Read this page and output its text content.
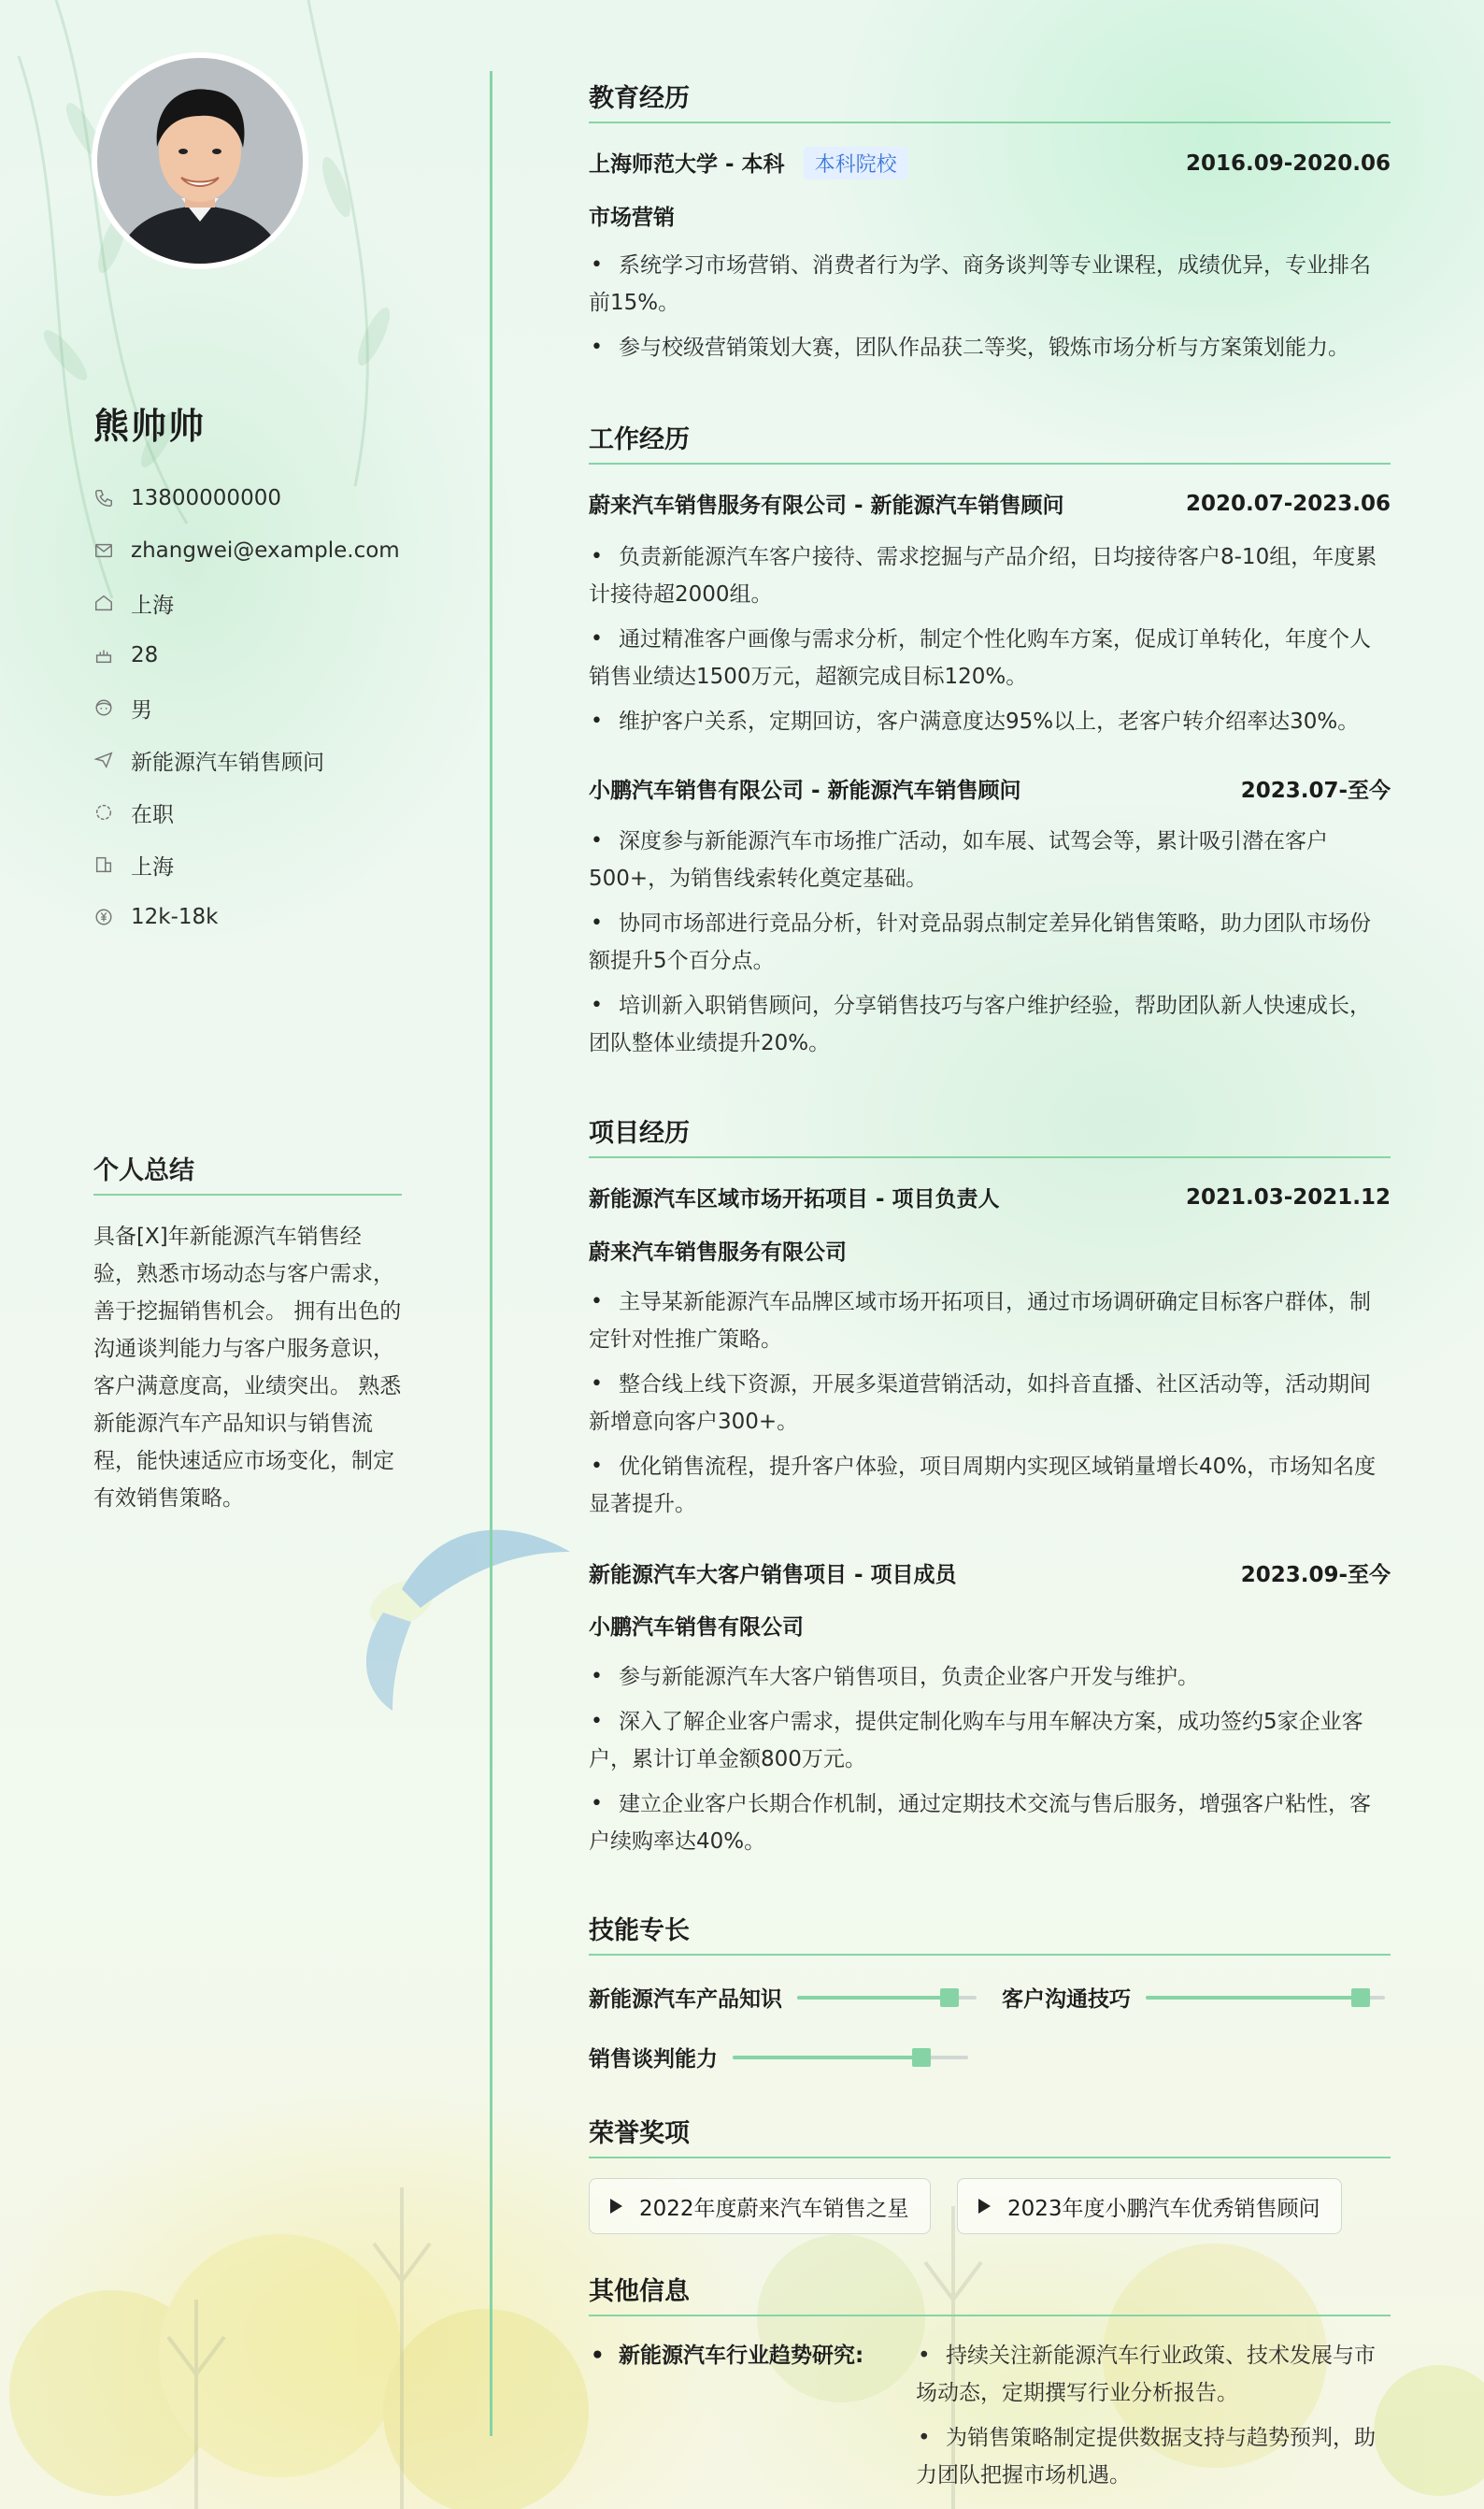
熊帅帅
13800000000
zhangwei@example.com
上海
28
男
新能源汽车销售顾问
在职
上海
12k-18k
个人总结
具备[X]年新能源汽车销售经验，熟悉市场动态与客户需求，善于挖掘销售机会。 拥有出色的沟通谈判能力与客户服务意识，客户满意度高，业绩突出。 熟悉新能源汽车产品知识与销售流程，能快速适应市场变化，制定有效销售策略。
教育经历
上海师范大学 - 本科 本科院校	2016.09-2020.06
市场营销
• 系统学习市场营销、消费者行为学、商务谈判等专业课程，成绩优异，专业排名前15%。
• 参与校级营销策划大赛，团队作品获二等奖，锻炼市场分析与方案策划能力。
工作经历
蔚来汽车销售服务有限公司 - 新能源汽车销售顾问	2020.07-2023.06
• 负责新能源汽车客户接待、需求挖掘与产品介绍，日均接待客户8-10组，年度累计接待超2000组。
• 通过精准客户画像与需求分析，制定个性化购车方案，促成订单转化，年度个人销售业绩达1500万元，超额完成目标120%。
• 维护客户关系，定期回访，客户满意度达95%以上，老客户转介绍率达30%。
小鹏汽车销售有限公司 - 新能源汽车销售顾问	2023.07-至今
• 深度参与新能源汽车市场推广活动，如车展、试驾会等，累计吸引潜在客户500+，为销售线索转化奠定基础。
• 协同市场部进行竞品分析，针对竞品弱点制定差异化销售策略，助力团队市场份额提升5个百分点。
• 培训新入职销售顾问，分享销售技巧与客户维护经验，帮助团队新人快速成长，团队整体业绩提升20%。
项目经历
新能源汽车区域市场开拓项目 - 项目负责人	2021.03-2021.12
蔚来汽车销售服务有限公司
• 主导某新能源汽车品牌区域市场开拓项目，通过市场调研确定目标客户群体，制定针对性推广策略。
• 整合线上线下资源，开展多渠道营销活动，如抖音直播、社区活动等，活动期间新增意向客户300+。
• 优化销售流程，提升客户体验，项目周期内实现区域销量增长40%，市场知名度显著提升。
新能源汽车大客户销售项目 - 项目成员	2023.09-至今
小鹏汽车销售有限公司
• 参与新能源汽车大客户销售项目，负责企业客户开发与维护。
• 深入了解企业客户需求，提供定制化购车与用车解决方案，成功签约5家企业客户，累计订单金额800万元。
• 建立企业客户长期合作机制，通过定期技术交流与售后服务，增强客户粘性，客户续购率达40%。
技能专长
新能源汽车产品知识	客户沟通技巧
销售谈判能力
荣誉奖项
2022年度蔚来汽车销售之星	2023年度小鹏汽车优秀销售顾问
其他信息
• 新能源汽车行业趋势研究:
•	持续关注新能源汽车行业政策、技术发展与市场动态，定期撰写行业分析报告。
• 为销售策略制定提供数据支持与趋势预判，助力团队把握市场机遇。
